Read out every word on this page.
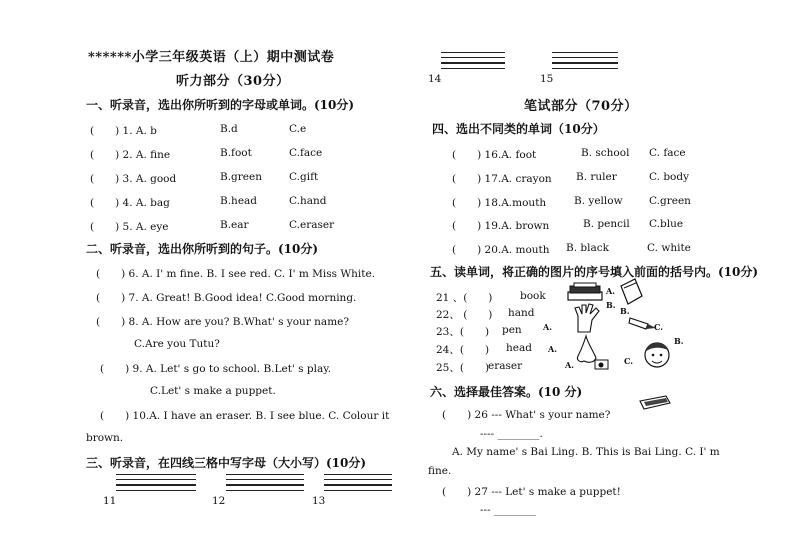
******小学三年级英语（上）期中测试卷
听力部分（30分）
一、听录音，选出你所听到的字母或单词。(10分)
(　　) 1. A. b	B.d	C.e
(　　) 2. A. fine	B.foot	C.face
(　　) 3. A. good	B.green	C.gift
(　　) 4. A. bag	B.head	C.hand
(　　) 5. A. eye	B.ear	C.eraser
二、听录音，选出你所听到的句子。(10分)
(　　) 6. A. I' m fine. B. I see red. C. I' m Miss White.
(　　) 7. A. Great! B.Good idea! C.Good morning.
(　　) 8. A. How are you? B.What' s your name?
C.Are you Tutu?
(　　) 9. A. Let' s go to school. B.Let' s play.
C.Let' s make a puppet.
(　　) 10.A. I have an eraser. B. I see blue. C. Colour it
brown.
三、听录音，在四线三格中写字母（大小写）(10分)
11	12	13
14	15
笔试部分（70分）
四、选出不同类的单词（10分）
(　　) 16.A. foot	B. school C. face
(　　) 17.A. crayon B. ruler	C. body
(　　) 18.A.mouth	B. yellow	C.green
(　　) 19.A. brown	B. pencil C.blue
(　　) 20.A. mouth B. black	C. white
五、读单词，将正确的图片的序号填入前面的括号内。(10分)
21 、(　　)	book
22、 (　　) hand
23、(　　) pen
24、(　　) head
25、(　　)
eraser
A.
B.
A.
B.
C.
A.
B.
A.	C.
六、选择最佳答案。(10 分)
(　　) 26 --- What' s your name?
---- ________.
A. My name' s Bai Ling. B. This is Bai Ling. C. I' m
fine.
(　　) 27 --- Let' s make a puppet!
--- ________
